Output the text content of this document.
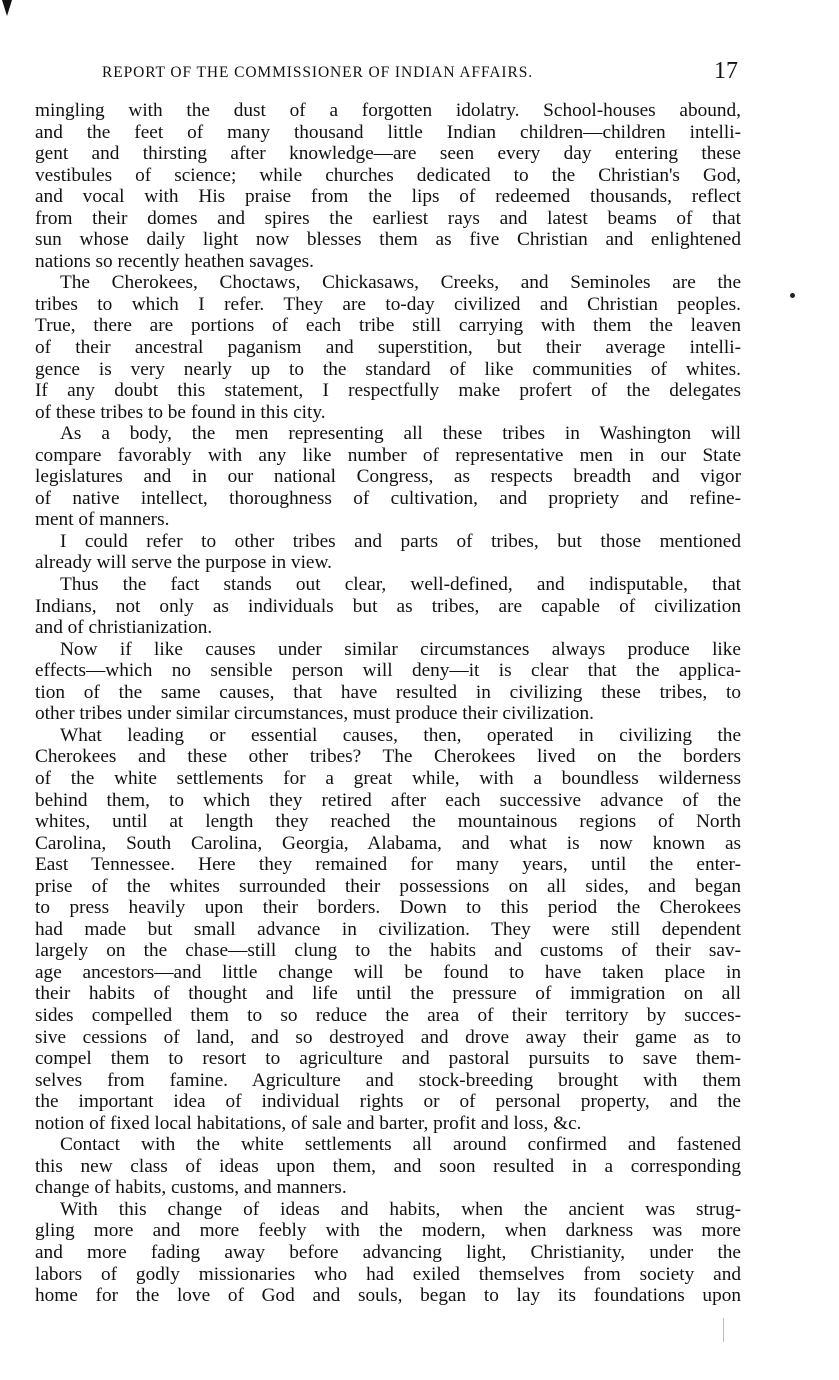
REPORT OF THE COMMISSIONER OF INDIAN AFFAIRS.	17
mingling with the dust of a forgotten idolatry. School-houses abound,
and the feet of many thousand little Indian children—children intelli-
gent and thirsting after knowledge—are seen every day entering these
vestibules of science; while churches dedicated to the Christian's God,
and vocal with His praise from the lips of redeemed thousands, reflect
from their domes and spires the earliest rays and latest beams of that
sun whose daily light now blesses them as five Christian and enlightened
nations so recently heathen savages.
The Cherokees, Choctaws, Chickasaws, Creeks, and Seminoles are the
tribes to which I refer. They are to-day civilized and Christian peoples.
True, there are portions of each tribe still carrying with them the leaven
of their ancestral paganism and superstition, but their average intelli-
gence is very nearly up to the standard of like communities of whites.
If any doubt this statement, I respectfully make profert of the delegates
of these tribes to be found in this city.
As a body, the men representing all these tribes in Washington will
compare favorably with any like number of representative men in our State
legislatures and in our national Congress, as respects breadth and vigor
of native intellect, thoroughness of cultivation, and propriety and refine-
ment of manners.
I could refer to other tribes and parts of tribes, but those mentioned
already will serve the purpose in view.
Thus the fact stands out clear, well-defined, and indisputable, that
Indians, not only as individuals but as tribes, are capable of civilization
and of christianization.
Now if like causes under similar circumstances always produce like
effects—which no sensible person will deny—it is clear that the applica-
tion of the same causes, that have resulted in civilizing these tribes, to
other tribes under similar circumstances, must produce their civilization.
What leading or essential causes, then, operated in civilizing the
Cherokees and these other tribes? The Cherokees lived on the borders
of the white settlements for a great while, with a boundless wilderness
behind them, to which they retired after each successive advance of the
whites, until at length they reached the mountainous regions of North
Carolina, South Carolina, Georgia, Alabama, and what is now known as
East Tennessee. Here they remained for many years, until the enter-
prise of the whites surrounded their possessions on all sides, and began
to press heavily upon their borders. Down to this period the Cherokees
had made but small advance in civilization. They were still dependent
largely on the chase—still clung to the habits and customs of their sav-
age ancestors—and little change will be found to have taken place in
their habits of thought and life until the pressure of immigration on all
sides compelled them to so reduce the area of their territory by succes-
sive cessions of land, and so destroyed and drove away their game as to
compel them to resort to agriculture and pastoral pursuits to save them-
selves from famine. Agriculture and stock-breeding brought with them
the important idea of individual rights or of personal property, and the
notion of fixed local habitations, of sale and barter, profit and loss, &c.
Contact with the white settlements all around confirmed and fastened
this new class of ideas upon them, and soon resulted in a corresponding
change of habits, customs, and manners.
With this change of ideas and habits, when the ancient was strug-
gling more and more feebly with the modern, when darkness was more
and more fading away before advancing light, Christianity, under the
labors of godly missionaries who had exiled themselves from society and
home for the love of God and souls, began to lay its foundations upon
